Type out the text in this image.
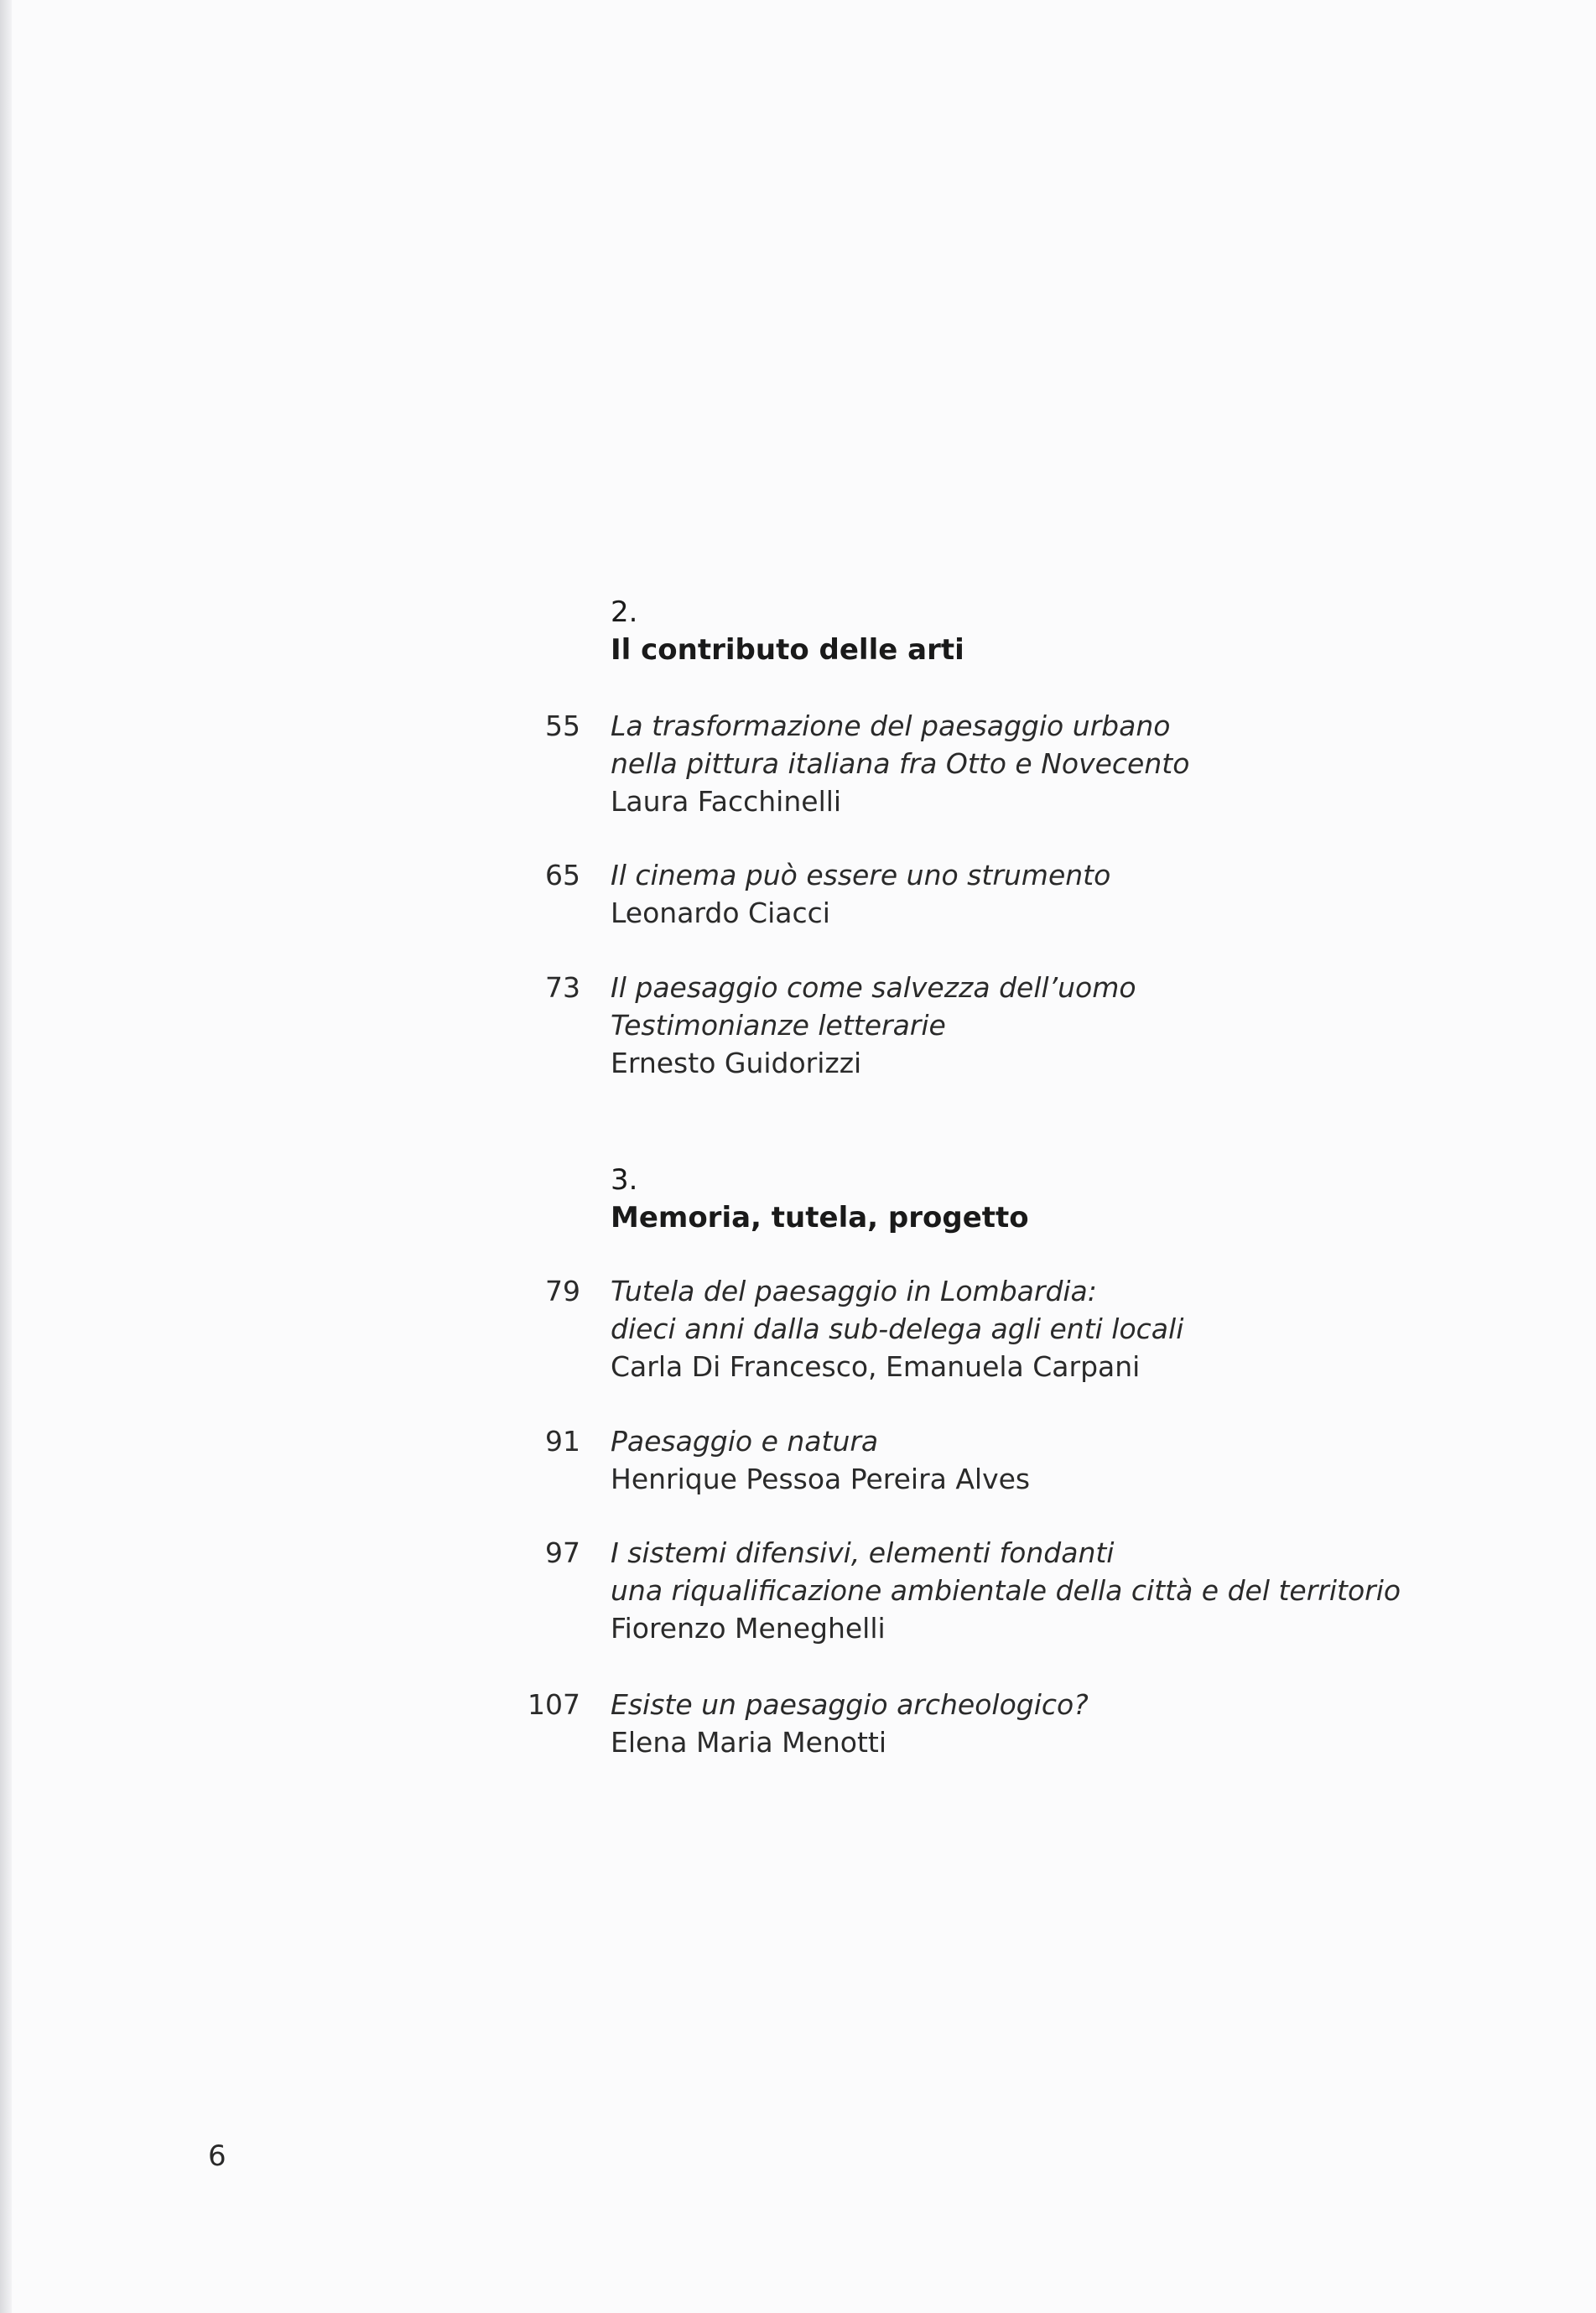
2.
Il contributo delle arti
55 La trasformazione del paesaggio urbano
nella pittura italiana fra Otto e Novecento
Laura Facchinelli
65 Il cinema può essere uno strumento
Leonardo Ciacci
73 Il paesaggio come salvezza dell’uomo
Testimonianze letterarie
Ernesto Guidorizzi
3.
Memoria, tutela, progetto
79 Tutela del paesaggio in Lombardia:
dieci anni dalla sub-delega agli enti locali
Carla Di Francesco, Emanuela Carpani
91 Paesaggio e natura
Henrique Pessoa Pereira Alves
97 I sistemi difensivi, elementi fondanti
una riqualificazione ambientale della città e del territorio
Fiorenzo Meneghelli
107 Esiste un paesaggio archeologico?
Elena Maria Menotti
6
